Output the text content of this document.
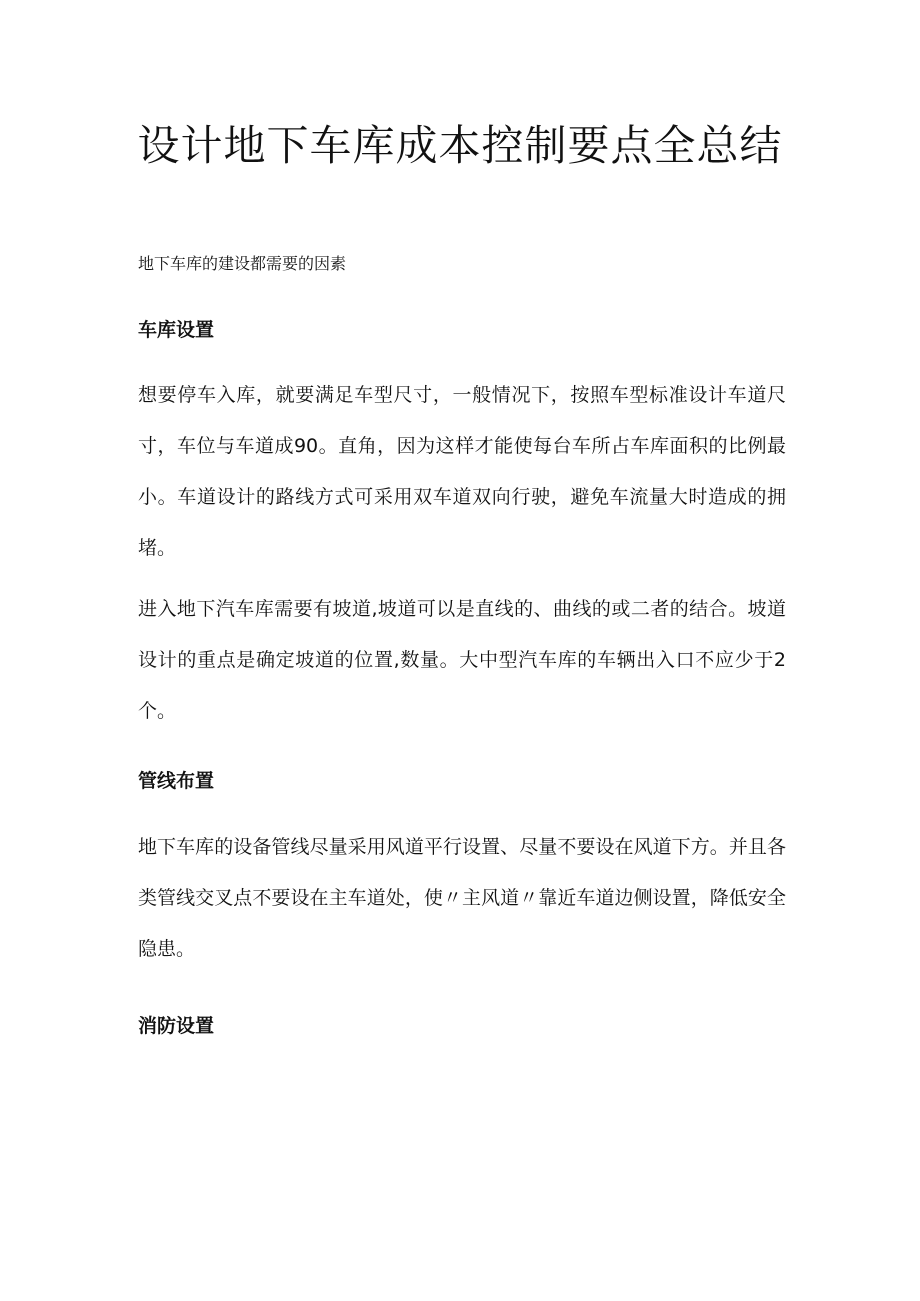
设计地下车库成本控制要点全总结

地下车库的建设都需要的因素

车库设置

想要停车入库，就要满足车型尺寸，一般情况下，按照车型标准设计车道尺寸，车位与车道成90。直角，因为这样才能使每台车所占车库面积的比例最小。车道设计的路线方式可采用双车道双向行驶，避免车流量大时造成的拥堵。

进入地下汽车库需要有坡道,坡道可以是直线的、曲线的或二者的结合。坡道设计的重点是确定坡道的位置,数量。大中型汽车库的车辆出入口不应少于2个。

管线布置

地下车库的设备管线尽量采用风道平行设置、尽量不要设在风道下方。并且各类管线交叉点不要设在主车道处，使〃主风道〃靠近车道边侧设置，降低安全隐患。

消防设置
